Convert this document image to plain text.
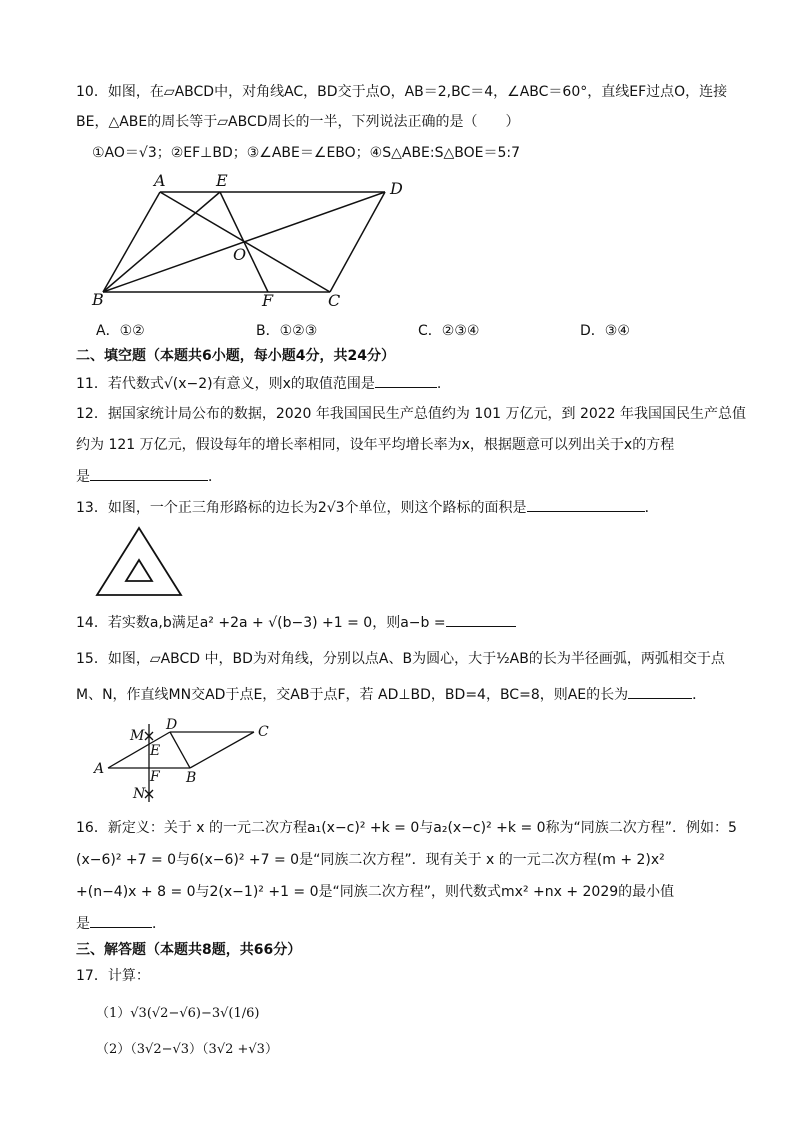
10．如图，在▱ABCD中，对角线AC，BD交于点O，AB＝2,BC＝4，∠ABC＝60°，直线EF过点O，连接
BE，△ABE的周长等于▱ABCD周长的一半，下列说法正确的是（　　）
①AO＝√3；②EF⊥BD；③∠ABE＝∠EBO；④S△ABE:S△BOE＝5:7
A	E	D
O
B	F	C
A．①②	B．①②③	C．②③④	D．③④
二、填空题（本题共6小题，每小题4分，共24分）
11．若代数式√(x−2)有意义，则x的取值范围是	.
12．据国家统计局公布的数据，2020 年我国国民生产总值约为 101 万亿元，到 2022 年我国国民生产总值
约为 121 万亿元，假设每年的增长率相同，设年平均增长率为x，根据题意可以列出关于x的方程
是	．
13．如图，一个正三角形路标的边长为2√3个单位，则这个路标的面积是	．
14．若实数a,b满足a² +2a + √(b−3) +1 = 0，则a−b =
15．如图，▱ABCD 中，BD为对角线，分别以点A、B为圆心，大于½AB的长为半径画弧，两弧相交于点
M、N，作直线MN交AD于点E，交AB于点F，若 AD⊥BD，BD=4，BC=8，则AE的长为	．
M
D	C
E
A	F B
N
16．新定义：关于 x 的一元二次方程a₁(x−c)² +k = 0与a₂(x−c)² +k = 0称为“同族二次方程”．例如：5
(x−6)² +7 = 0与6(x−6)² +7 = 0是“同族二次方程”．现有关于 x 的一元二次方程(m + 2)x²
+(n−4)x + 8 = 0与2(x−1)² +1 = 0是“同族二次方程”，则代数式mx² +nx + 2029的最小值
是	．
三、解答题（本题共8题，共66分）
17．计算：
（1）√3(√2−√6)−3√(1/6)
（2）（3√2−√3）（3√2 +√3）
